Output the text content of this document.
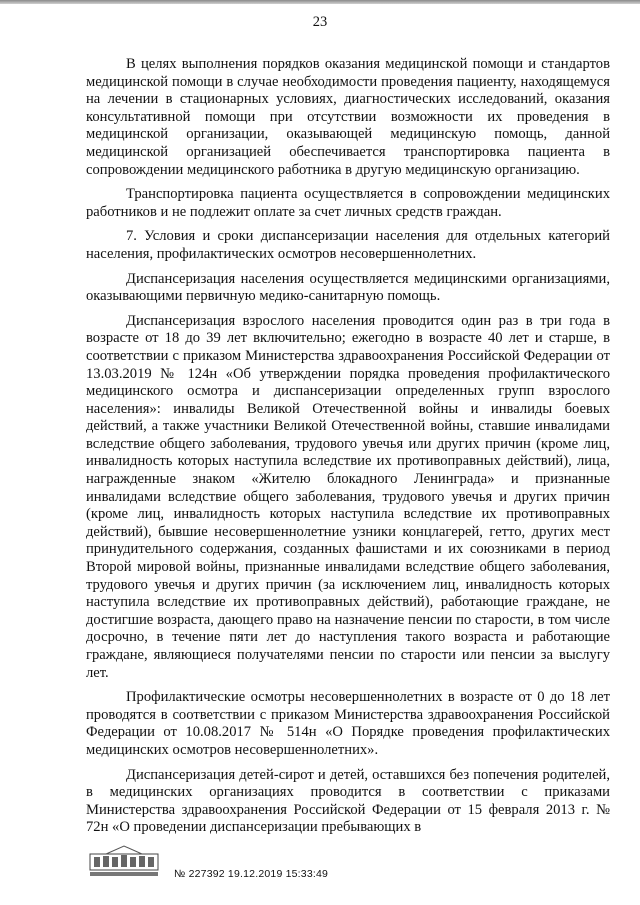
23

В целях выполнения порядков оказания медицинской помощи и стандартов медицинской помощи в случае необходимости проведения пациенту, находящемуся на лечении в стационарных условиях, диагностических исследований, оказания консультативной помощи при отсутствии возможности их проведения в медицинской организации, оказывающей медицинскую помощь, данной медицинской организацией обеспечивается транспортировка пациента в сопровождении медицинского работника в другую медицинскую организацию.

Транспортировка пациента осуществляется в сопровождении медицинских работников и не подлежит оплате за счет личных средств граждан.

7. Условия и сроки диспансеризации населения для отдельных категорий населения, профилактических осмотров несовершеннолетних.

Диспансеризация населения осуществляется медицинскими организациями, оказывающими первичную медико-санитарную помощь.

Диспансеризация взрослого населения проводится один раз в три года в возрасте от 18 до 39 лет включительно; ежегодно в возрасте 40 лет и старше, в соответствии с приказом Министерства здравоохранения Российской Федерации от 13.03.2019 № 124н «Об утверждении порядка проведения профилактического медицинского осмотра и диспансеризации определенных групп взрослого населения»: инвалиды Великой Отечественной войны и инвалиды боевых действий, а также участники Великой Отечественной войны, ставшие инвалидами вследствие общего заболевания, трудового увечья или других причин (кроме лиц, инвалидность которых наступила вследствие их противоправных действий), лица, награжденные знаком «Жителю блокадного Ленинграда» и признанные инвалидами вследствие общего заболевания, трудового увечья и других причин (кроме лиц, инвалидность которых наступила вследствие их противоправных действий), бывшие несовершеннолетние узники концлагерей, гетто, других мест принудительного содержания, созданных фашистами и их союзниками в период Второй мировой войны, признанные инвалидами вследствие общего заболевания, трудового увечья и других причин (за исключением лиц, инвалидность которых наступила вследствие их противоправных действий), работающие граждане, не достигшие возраста, дающего право на назначение пенсии по старости, в том числе досрочно, в течение пяти лет до наступления такого возраста и работающие граждане, являющиеся получателями пенсии по старости или пенсии за выслугу лет.

Профилактические осмотры несовершеннолетних в возрасте от 0 до 18 лет проводятся в соответствии с приказом Министерства здравоохранения Российской Федерации от 10.08.2017 № 514н «О Порядке проведения профилактических медицинских осмотров несовершеннолетних».

Диспансеризация детей-сирот и детей, оставшихся без попечения родителей, в медицинских организациях проводится в соответствии с приказами Министерства здравоохранения Российской Федерации от 15 февраля 2013 г. № 72н «О проведении диспансеризации пребывающих в

№ 227392 19.12.2019 15:33:49
